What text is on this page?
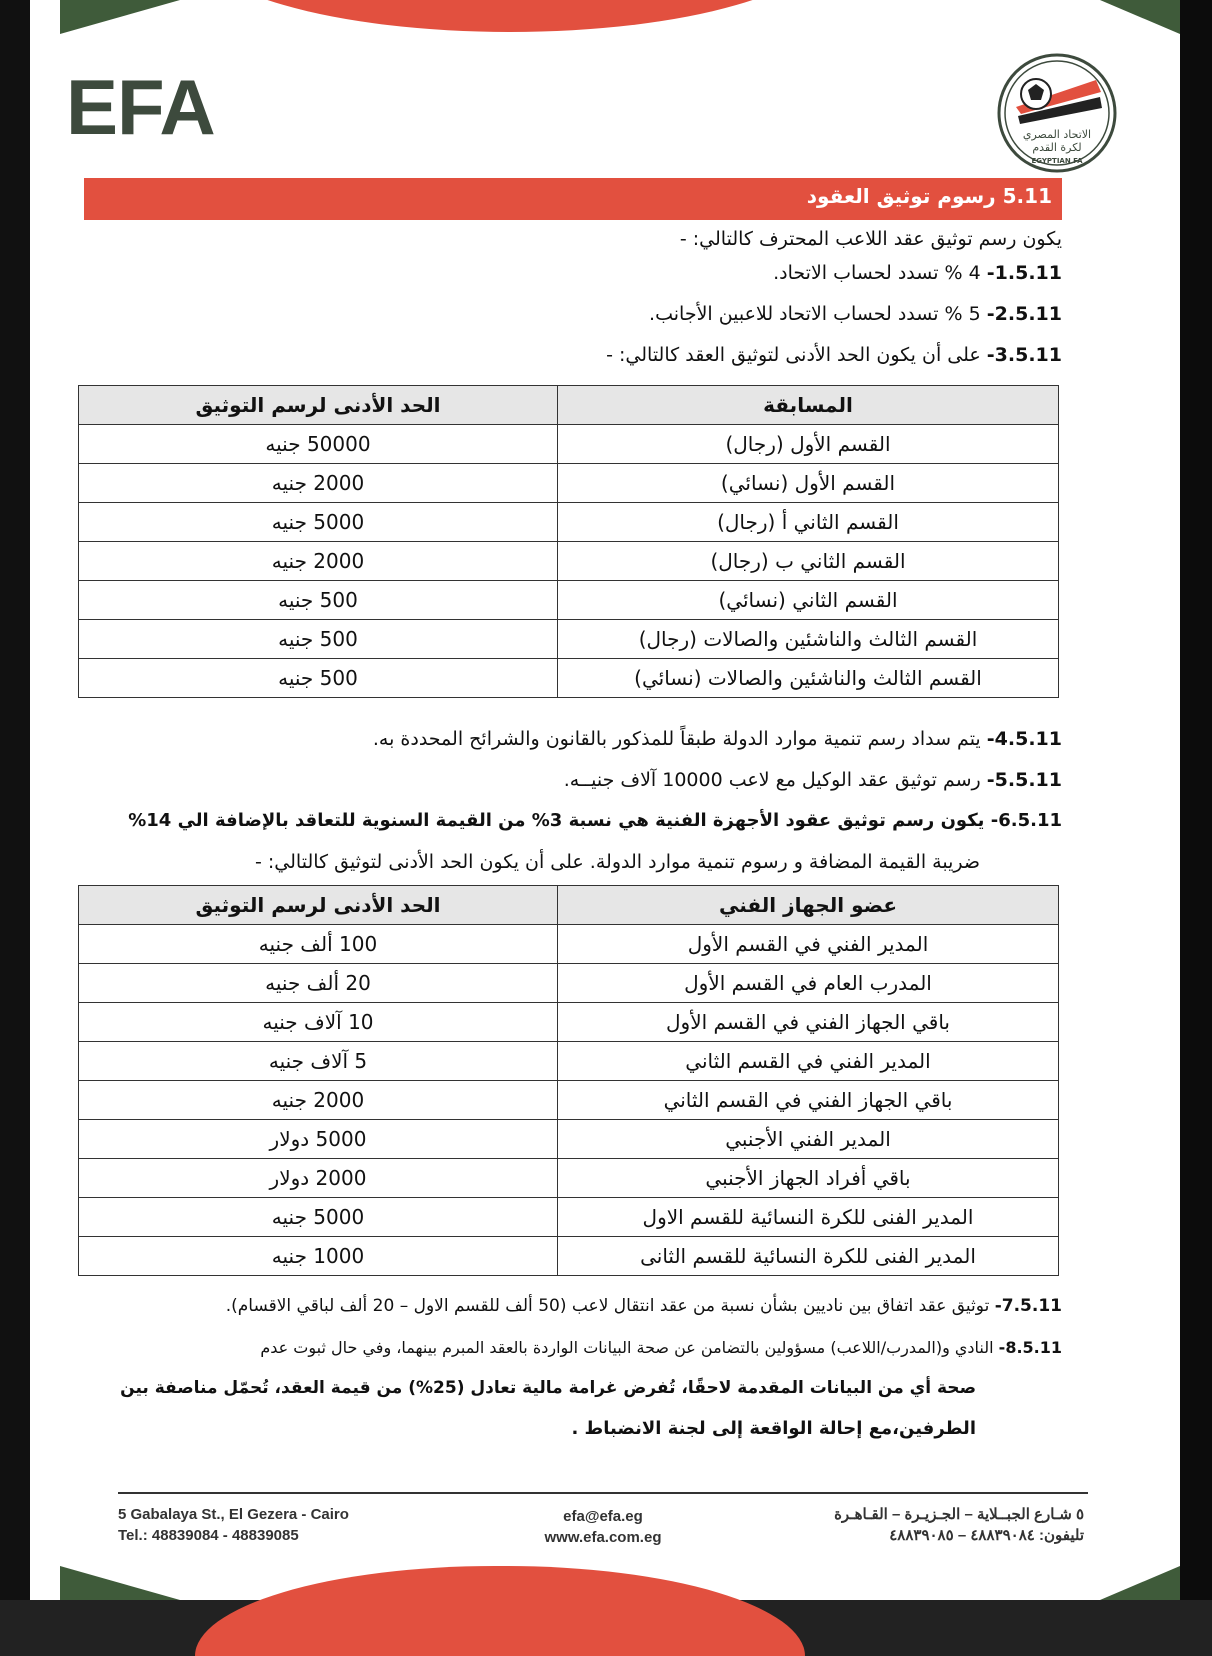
EFA	الاتحاد المصري
لكرة القدم
EGYPTIAN FA
5.11 رسوم توثيق العقود
يكون رسم توثيق عقد اللاعب المحترف كالتالي: -
1.5.11- 4 % تسدد لحساب الاتحاد.
2.5.11- 5 % تسدد لحساب الاتحاد للاعبين الأجانب.
3.5.11- على أن يكون الحد الأدنى لتوثيق العقد كالتالي: -
المسابقة	الحد الأدنى لرسم التوثيق
القسم الأول (رجال)	50000 جنيه
القسم الأول (نسائي)	2000 جنيه
القسم الثاني أ (رجال)	5000 جنيه
القسم الثاني ب (رجال)	2000 جنيه
القسم الثاني (نسائي)	500 جنيه
القسم الثالث والناشئين والصالات (رجال)	500 جنيه
القسم الثالث والناشئين والصالات (نسائي)	500 جنيه
4.5.11- يتم سداد رسم تنمية موارد الدولة طبقاً للمذكور بالقانون والشرائح المحددة به.
5.5.11- رسم توثيق عقد الوكيل مع لاعب 10000 آلاف جنيــه.
6.5.11- يكون رسم توثيق عقود الأجهزة الفنية هي نسبة 3% من القيمة السنوية للتعاقد بالإضافة الي 14%
ضريبة القيمة المضافة و رسوم تنمية موارد الدولة. على أن يكون الحد الأدنى لتوثيق كالتالي: -
عضو الجهاز الفني	الحد الأدنى لرسم التوثيق
المدير الفني في القسم الأول	100 ألف جنيه
المدرب العام في القسم الأول	20 ألف جنيه
باقي الجهاز الفني في القسم الأول	10 آلاف جنيه
المدير الفني في القسم الثاني	5 آلاف جنيه
باقي الجهاز الفني في القسم الثاني	2000 جنيه
المدير الفني الأجنبي	5000 دولار
باقي أفراد الجهاز الأجنبي	2000 دولار
المدير الفنى للكرة النسائية للقسم الاول	5000 جنيه
المدير الفنى للكرة النسائية للقسم الثانى	1000 جنيه
7.5.11- توثيق عقد اتفاق بين ناديين بشأن نسبة من عقد انتقال لاعب (50 ألف للقسم الاول – 20 ألف لباقي الاقسام).
8.5.11- النادي و(المدرب/اللاعب) مسؤولين بالتضامن عن صحة البيانات الواردة بالعقد المبرم بينهما، وفي حال ثبوت عدم
صحة أي من البيانات المقدمة لاحقًا، تُفرض غرامة مالية تعادل (25%) من قيمة العقد، تُحمّل مناصفة بين
الطرفين،مع إحالة الواقعة إلى لجنة الانضباط .
5 Gabalaya St., El Gezera - Cairo
Tel.: 48839084 - 48839085
efa@efa.eg
www.efa.com.eg
٥ شـارع الجبــلاية – الجـزيـرة – القـاهـرة
تليفون: ٤٨٨٣٩٠٨٤ – ٤٨٨٣٩٠٨٥
